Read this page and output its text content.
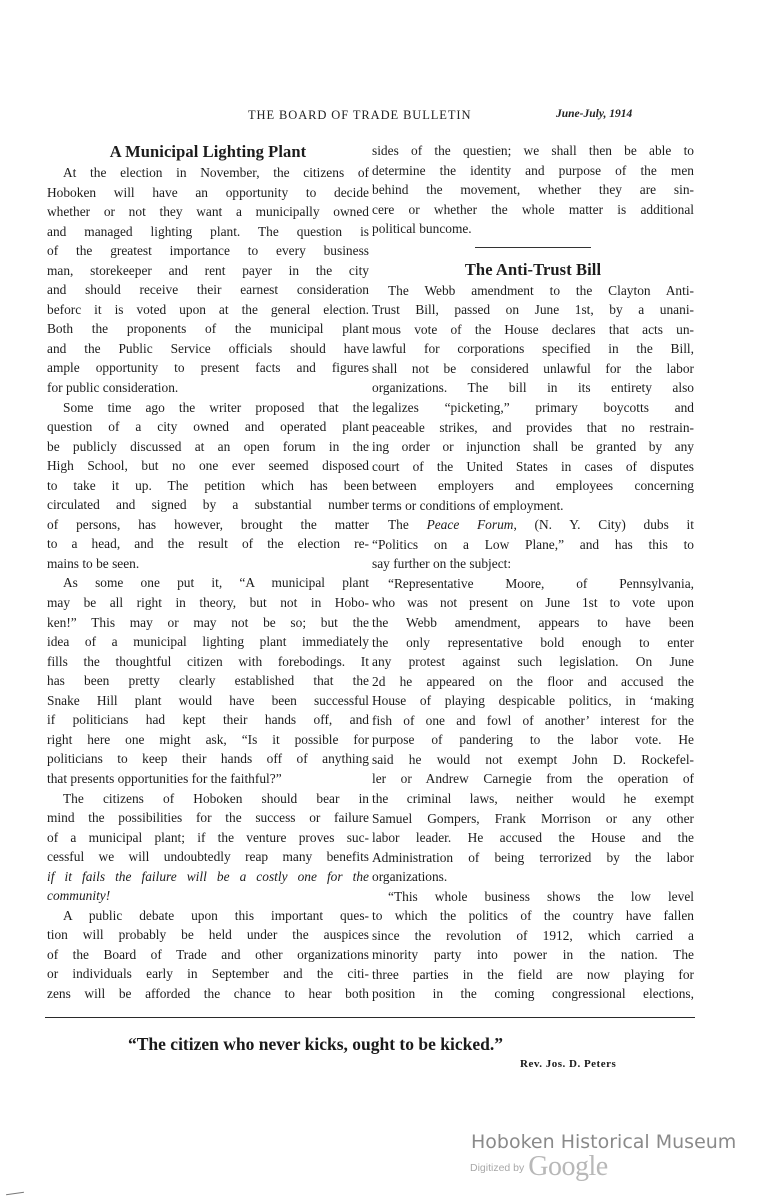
THE BOARD OF TRADE BULLETIN	June-July, 1914
A Municipal Lighting Plant
At the election in November, the citizens of
Hoboken will have an opportunity to decide
whether or not they want a municipally owned
and managed lighting plant. The question is
of the greatest importance to every business
man, storekeeper and rent payer in the city
and should receive their earnest consideration
beforc it is voted upon at the general election.
Both the proponents of the municipal plant
and the Public Service officials should have
ample opportunity to present facts and figures
for public consideration.
Some time ago the writer proposed that the
question of a city owned and operated plant
be publicly discussed at an open forum in the
High School, but no one ever seemed disposed
to take it up. The petition which has been
circulated and signed by a substantial number
of persons, has however, brought the matter
to a head, and the result of the election re-
mains to be seen.
As some one put it, “A municipal plant
may be all right in theory, but not in Hobo-
ken!” This may or may not be so; but the
idea of a municipal lighting plant immediately
fills the thoughtful citizen with forebodings. It
has been pretty clearly established that the
Snake Hill plant would have been successful
if politicians had kept their hands off, and
right here one might ask, “Is it possible for
politicians to keep their hands off of anything
that presents opportunities for the faithful?”
The citizens of Hoboken should bear in
mind the possibilities for the success or failure
of a municipal plant; if the venture proves suc-
cessful we will undoubtedly reap many benefits
if it fails the failure will be a costly one for the
community!
A public debate upon this important ques-
tion will probably be held under the auspices
of the Board of Trade and other organizations
or individuals early in September and the citi-
zens will be afforded the chance to hear both
sides of the questien; we shall then be able to
determine the identity and purpose of the men
behind the movement, whether they are sin-
cere or whether the whole matter is additional
political buncome.
The Anti-Trust Bill
The Webb amendment to the Clayton Anti-
Trust Bill, passed on June 1st, by a unani-
mous vote of the House declares that acts un-
lawful for corporations specified in the Bill,
shall not be considered unlawful for the labor
organizations. The bill in its entirety also
legalizes “picketing,” primary boycotts and
peaceable strikes, and provides that no restrain-
ing order or injunction shall be granted by any
court of the United States in cases of disputes
between employers and employees concerning
terms or conditions of employment.
The Peace Forum, (N. Y. City) dubs it
“Politics on a Low Plane,” and has this to
say further on the subject:
“Representative Moore, of Pennsylvania,
who was not present on June 1st to vote upon
the Webb amendment, appears to have been
the only representative bold enough to enter
any protest against such legislation. On June
2d he appeared on the floor and accused the
House of playing despicable politics, in ‘making
fish of one and fowl of another’ interest for the
purpose of pandering to the labor vote. He
said he would not exempt John D. Rockefel-
ler or Andrew Carnegie from the operation of
the criminal laws, neither would he exempt
Samuel Gompers, Frank Morrison or any other
labor leader. He accused the House and the
Administration of being terrorized by the labor
organizations.
“This whole business shows the low level
to which the politics of the country have fallen
since the revolution of 1912, which carried a
minority party into power in the nation. The
three parties in the field are now playing for
position in the coming congressional elections,
“The citizen who never kicks, ought to be kicked.”
Rev. Jos. D. Peters
Hoboken Historical Museum
$^{Digitized by}$ Google
